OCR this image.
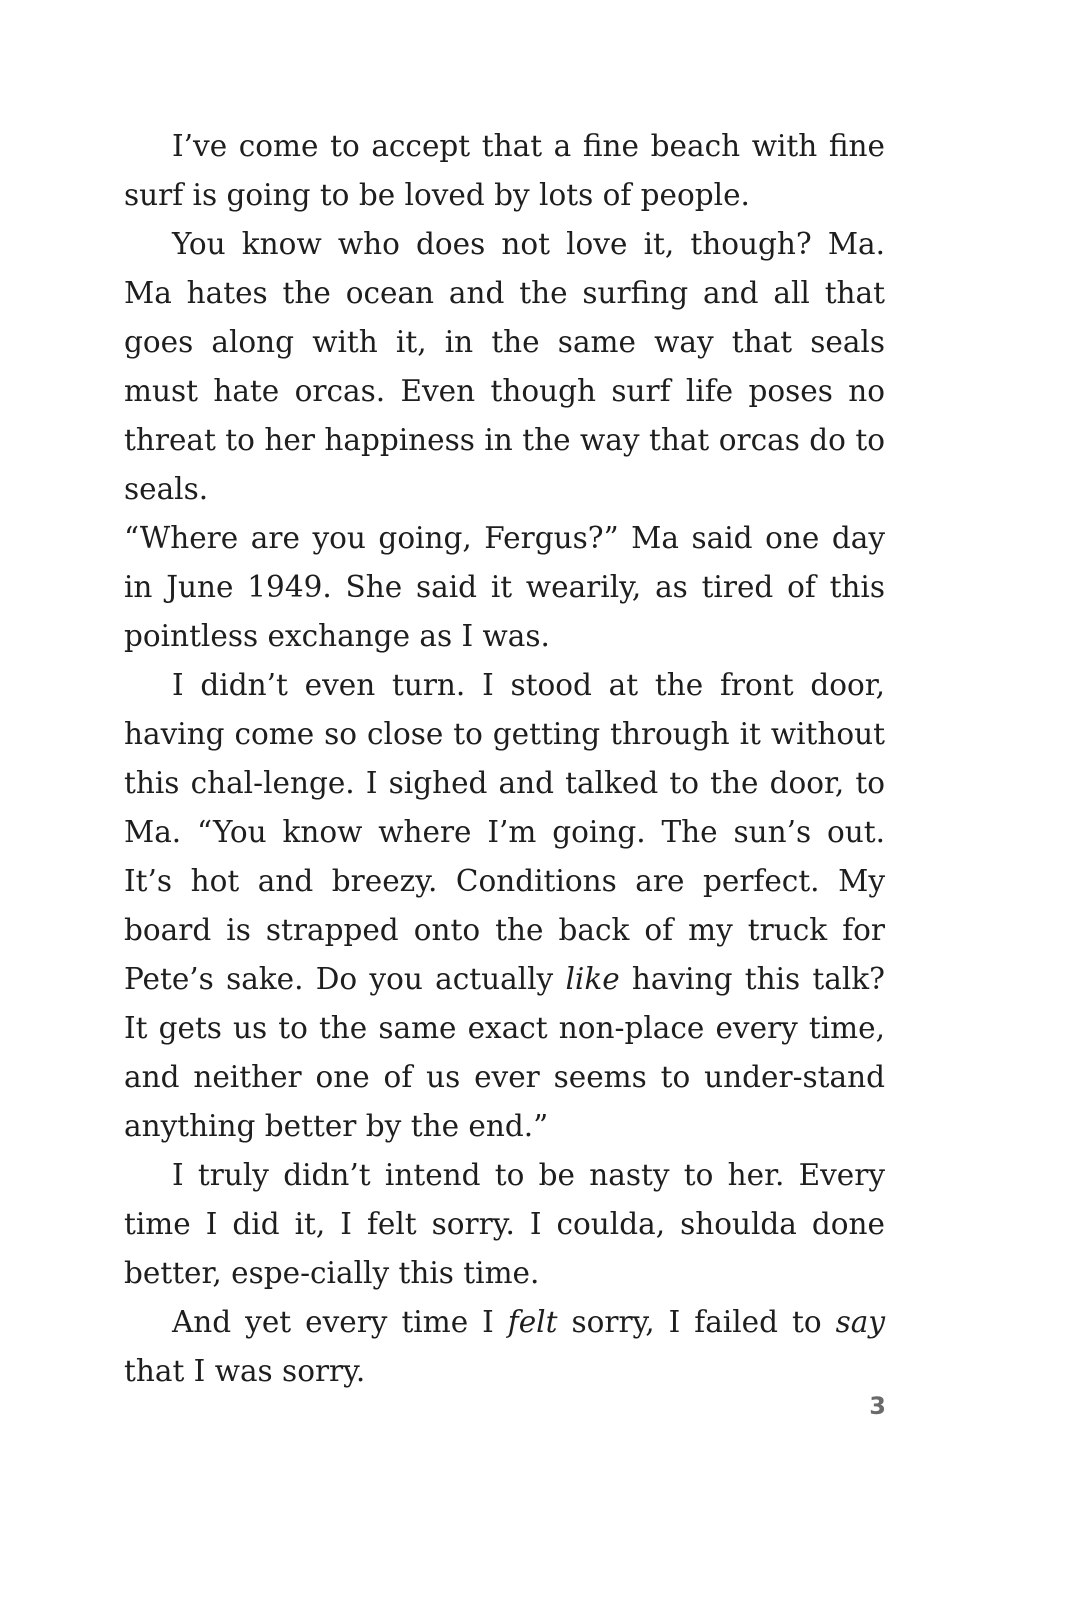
I’ve come to accept that a fine beach with fine surf is going to be loved by lots of people.

You know who does not love it, though? Ma. Ma hates the ocean and the surfing and all that goes along with it, in the same way that seals must hate orcas. Even though surf life poses no threat to her happiness in the way that orcas do to seals.

“Where are you going, Fergus?” Ma said one day in June 1949. She said it wearily, as tired of this pointless exchange as I was.

I didn’t even turn. I stood at the front door, having come so close to getting through it without this chal-lenge. I sighed and talked to the door, to Ma. “You know where I’m going. The sun’s out. It’s hot and breezy. Conditions are perfect. My board is strapped onto the back of my truck for Pete’s sake. Do you actually like having this talk? It gets us to the same exact non-place every time, and neither one of us ever seems to under-stand anything better by the end.”

I truly didn’t intend to be nasty to her. Every time I did it, I felt sorry. I coulda, shoulda done better, espe-cially this time.

And yet every time I felt sorry, I failed to say that I was sorry.

3
